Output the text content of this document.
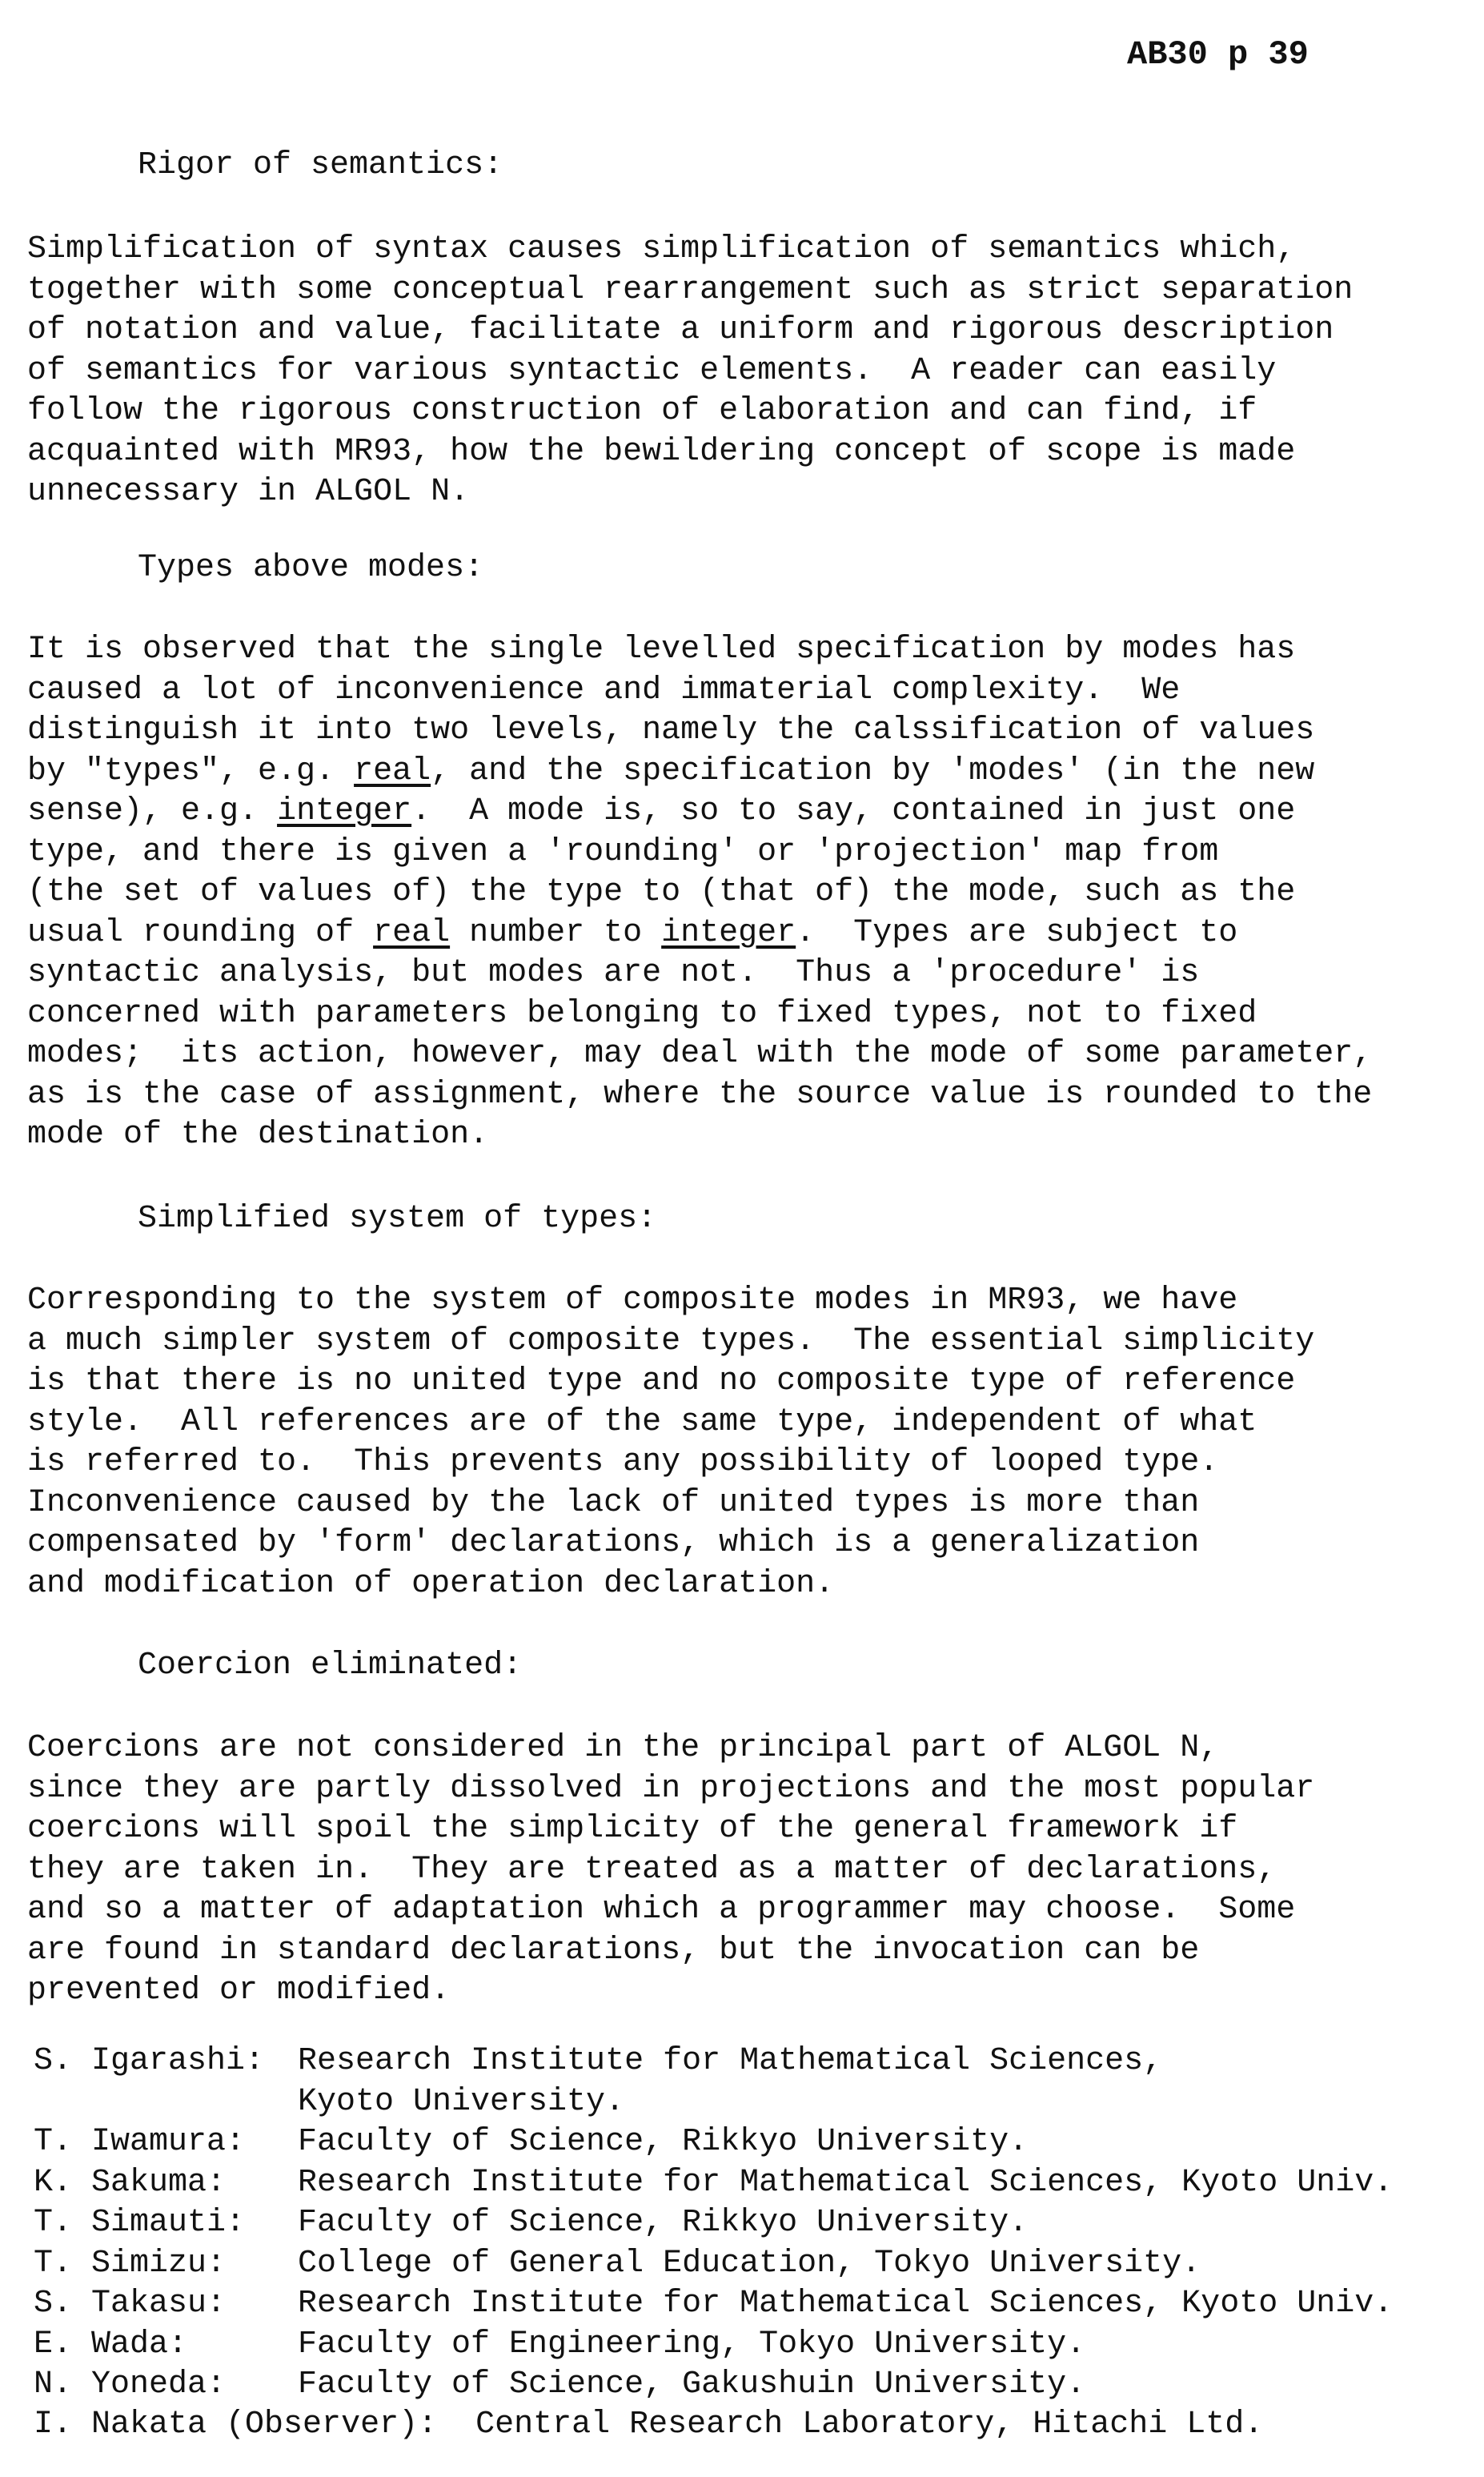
AB30 p 39
Rigor of semantics:
Simplification of syntax causes simplification of semantics which,
together with some conceptual rearrangement such as strict separation
of notation and value, facilitate a uniform and rigorous description
of semantics for various syntactic elements.  A reader can easily
follow the rigorous construction of elaboration and can find, if
acquainted with MR93, how the bewildering concept of scope is made
unnecessary in ALGOL N.
Types above modes:
It is observed that the single levelled specification by modes has
caused a lot of inconvenience and immaterial complexity.  We
distinguish it into two levels, namely the calssification of values
by "types", e.g. real, and the specification by 'modes' (in the new
sense), e.g. integer.  A mode is, so to say, contained in just one
type, and there is given a 'rounding' or 'projection' map from
(the set of values of) the type to (that of) the mode, such as the
usual rounding of real number to integer.  Types are subject to
syntactic analysis, but modes are not.  Thus a 'procedure' is
concerned with parameters belonging to fixed types, not to fixed
modes;  its action, however, may deal with the mode of some parameter,
as is the case of assignment, where the source value is rounded to the
mode of the destination.
Simplified system of types:
Corresponding to the system of composite modes in MR93, we have
a much simpler system of composite types.  The essential simplicity
is that there is no united type and no composite type of reference
style.  All references are of the same type, independent of what
is referred to.  This prevents any possibility of looped type.
Inconvenience caused by the lack of united types is more than
compensated by 'form' declarations, which is a generalization
and modification of operation declaration.
Coercion eliminated:
Coercions are not considered in the principal part of ALGOL N,
since they are partly dissolved in projections and the most popular
coercions will spoil the simplicity of the general framework if
they are taken in.  They are treated as a matter of declarations,
and so a matter of adaptation which a programmer may choose.  Some
are found in standard declarations, but the invocation can be
prevented or modified.
S. Igarashi:	Research Institute for Mathematical Sciences,
Kyoto University.
T. Iwamura:	Faculty of Science, Rikkyo University.
K. Sakuma:	Research Institute for Mathematical Sciences, Kyoto Univ.
T. Simauti:	Faculty of Science, Rikkyo University.
T. Simizu:	College of General Education, Tokyo University.
S. Takasu:	Research Institute for Mathematical Sciences, Kyoto Univ.
E. Wada:	Faculty of Engineering, Tokyo University.
N. Yoneda:	Faculty of Science, Gakushuin University.
I. Nakata (Observer): Central Research Laboratory, Hitachi Ltd.
